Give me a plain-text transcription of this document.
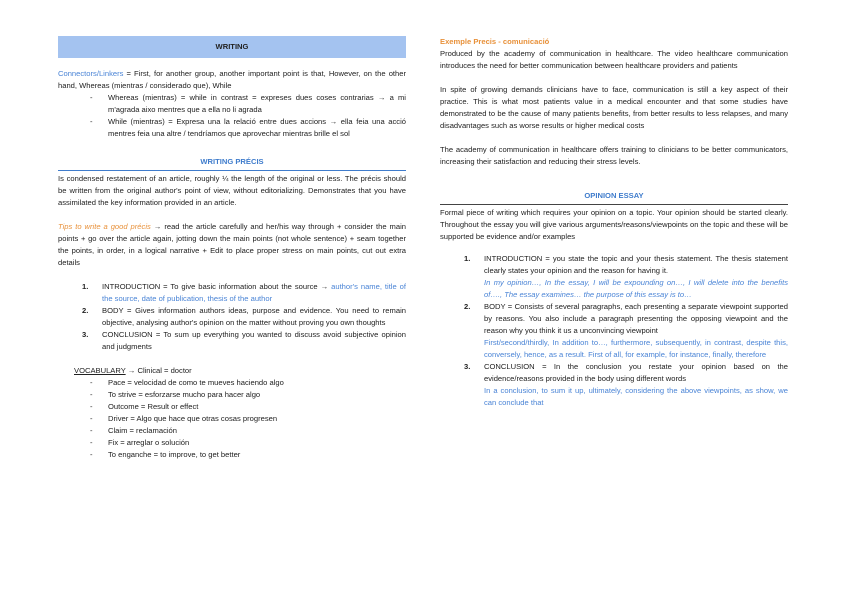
WRITING

Connectors/Linkers = First, for another group, another important point is that, However, on the other hand, Whereas (mientras / considerado que), While

- Whereas (mientras) = while in contrast = expreses dues coses contrarias → a mi m'agrada aixo mentres que a ella no li agrada
- While (mientras) = Expresa una la relació entre dues accions → ella feia una acció mentres feia una altre / tendríamos que aprovechar mientras brille el sol
WRITING PRÉCIS

Is condensed restatement of an article, roughly ¼ the length of the original or less. The précis should be written from the original author's point of view, without editorializing. Demonstrates that you have assimilated the key information provided in an article.

Tips to write a good précis → read the article carefully and her/his way through + consider the main points + go over the article again, jotting down the main points (not whole sentence) + seam together the points, in order, in a logical narrative + Edit to place proper stress on main points, cut out extra details

1. INTRODUCTION = To give basic information about the source → author's name, title of the source, date of publication, thesis of the author
2. BODY = Gives information authors ideas, purpose and evidence. You need to remain objective, analysing author's opinion on the matter without proving you own thoughts
3. CONCLUSION = To sum up everything you wanted to discuss avoid subjective opinion and judgments

VOCABULARY → Clinical = doctor

- Pace = velocidad de como te mueves haciendo algo
- To strive = esforzarse mucho para hacer algo
- Outcome = Result or effect
- Driver = Algo que hace que otras cosas progresen
- Claim = reclamación
- Fix = arreglar o solución
- To enganche = to improve, to get better
Exemple Precis - comunicació

Produced by the academy of communication in healthcare. The video healthcare communication introduces the need for better communication between healthcare providers and patients

In spite of growing demands clinicians have to face, communication is still a key aspect of their practice. This is what most patients value in a medical encounter and that some studies have demonstrated to be the cause of many patients benefits, from better results to less relapses, and many disadvantages such as worse results or higher medical costs

The academy of communication in healthcare offers training to clinicians to be better communicators, increasing their satisfaction and reducing their stress levels.

OPINION ESSAY

Formal piece of writing which requires your opinion on a topic. Your opinion should be started clearly. Throughout the essay you will give various arguments/reasons/viewpoints on the topic and these will be supported be evidence and/or examples

1. INTRODUCTION = you state the topic and your thesis statement. The thesis statement clearly states your opinion and the reason for having it.
In my opinion…, In the essay, I will be expounding on…, I will delete into the benefits of…., The essay examines… the purpose of this essay is to…
2. BODY = Consists of several paragraphs, each presenting a separate viewpoint supported by reasons. You also include a paragraph presenting the opposing viewpoint and the reason why you think it us a unconvincing viewpoint
First/second/thirdly, In addition to…, furthermore, subsequently, in contrast, despite this, conversely, hence, as a result. First of all, for example, for instance, finally, therefore
3. CONCLUSION = In the conclusion you restate your opinion based on the evidence/reasons provided in the body using different words
In a conclusion, to sum it up, ultimately, considering the above viewpoints, as show, we can conclude that
